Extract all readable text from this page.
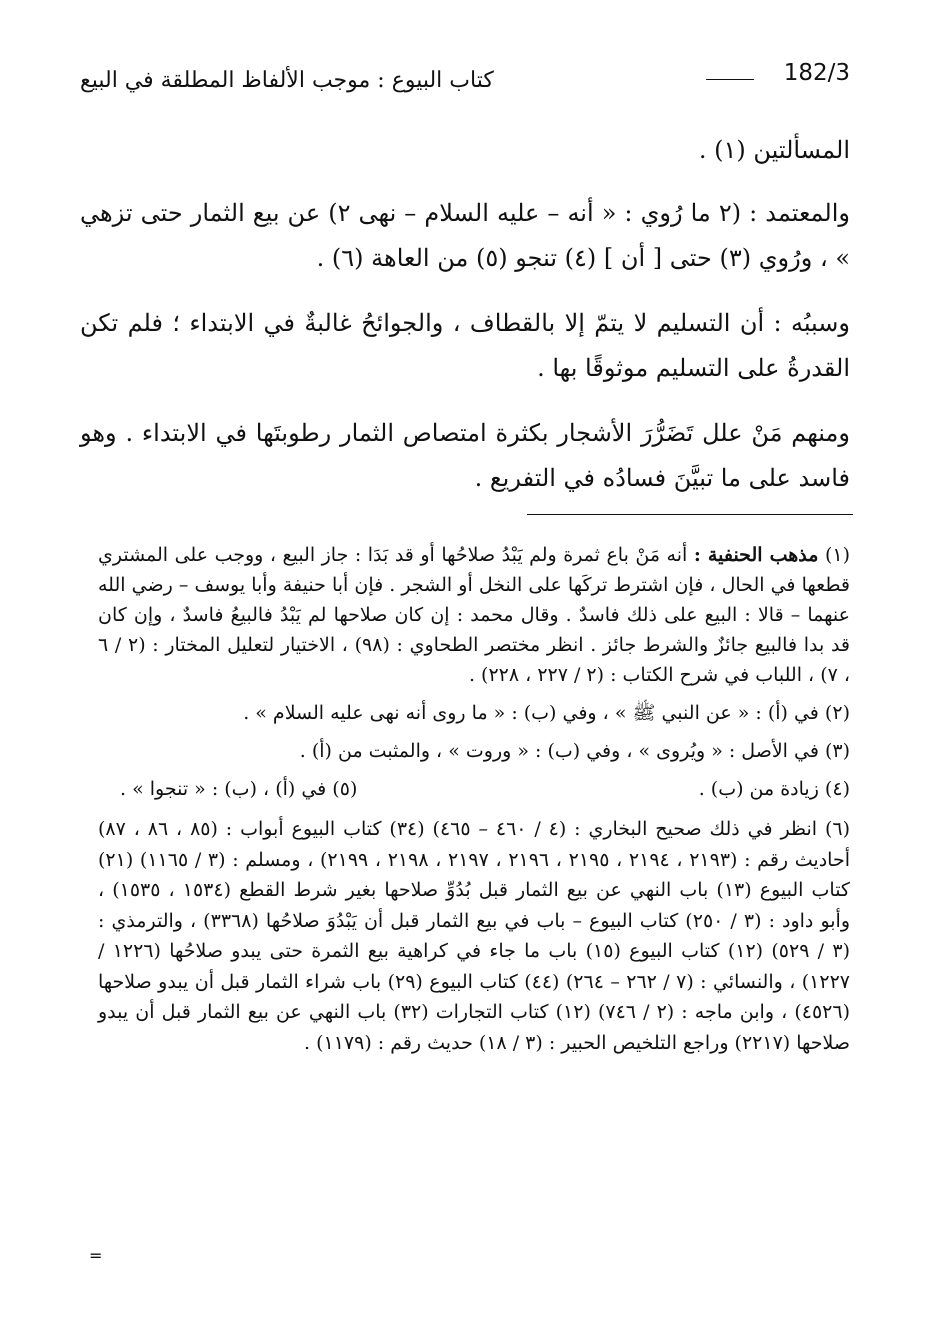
182/3
كتاب البيوع : موجب الألفاظ المطلقة في البيع

المسألتين (١) .

والمعتمد : (٢ ما رُوي : « أنه – عليه السلام – نهى ٢) عن بيع الثمار حتى تزهي » ، ورُوي (٣) حتى [ أن ] (٤) تنجو (٥) من العاهة (٦) .

وسببُه : أن التسليم لا يتمّ إلا بالقطاف ، والجوائحُ غالبةٌ في الابتداء ؛ فلم تكن القدرةُ على التسليم موثوقًا بها .

ومنهم مَنْ علل تَضَرُّرَ الأشجار بكثرة امتصاص الثمار رطوبتَها في الابتداء . وهو فاسد على ما تبيَّنَ فسادُه في التفريع .

(١) مذهب الحنفية : أنه مَنْ باع ثمرة ولم يَبْدُ صلاحُها أو قد بَدَا : جاز البيع ، ووجب على المشتري قطعها في الحال ، فإن اشترط تركَها على النخل أو الشجر . فإن أبا حنيفة وأبا يوسف – رضي الله عنهما – قالا : البيع على ذلك فاسدٌ . وقال محمد : إن كان صلاحها لم يَبْدُ فالبيعُ فاسدٌ ، وإن كان قد بدا فالبيع جائزٌ والشرط جائز . انظر مختصر الطحاوي : (٩٨) ، الاختيار لتعليل المختار : (٢ / ٦ ، ٧) ، اللباب في شرح الكتاب : (٢ / ٢٢٧ ، ٢٢٨) .

(٢) في (أ) : « عن النبي ﷺ » ، وفي (ب) : « ما روى أنه نهى عليه السلام » .

(٣) في الأصل : « ويُروى » ، وفي (ب) : « وروت » ، والمثبت من (أ) .

(٤) زيادة من (ب) .
(٥) في (أ) ، (ب) : « تنجوا » .

(٦) انظر في ذلك صحيح البخاري : (٤ / ٤٦٠ – ٤٦٥) (٣٤) كتاب البيوع أبواب : (٨٥ ، ٨٦ ، ٨٧) أحاديث رقم : (٢١٩٣ ، ٢١٩٤ ، ٢١٩٥ ، ٢١٩٦ ، ٢١٩٧ ، ٢١٩٨ ، ٢١٩٩) ، ومسلم : (٣ / ١١٦٥) (٢١) كتاب البيوع (١٣) باب النهي عن بيع الثمار قبل بُدُوِّ صلاحها بغير شرط القطع (١٥٣٤ ، ١٥٣٥) ، وأبو داود : (٣ / ٢٥٠) كتاب البيوع – باب في بيع الثمار قبل أن يَبْدُوَ صلاحُها (٣٣٦٨) ، والترمذي : (٣ / ٥٢٩) (١٢) كتاب البيوع (١٥) باب ما جاء في كراهية بيع الثمرة حتى يبدو صلاحُها (١٢٢٦ / ١٢٢٧) ، والنسائي : (٧ / ٢٦٢ – ٢٦٤) (٤٤) كتاب البيوع (٢٩) باب شراء الثمار قبل أن يبدو صلاحها (٤٥٢٦) ، وابن ماجه : (٢ / ٧٤٦) (١٢) كتاب التجارات (٣٢) باب النهي عن بيع الثمار قبل أن يبدو صلاحها (٢٢١٧) وراجع التلخيص الحبير : (٣ / ١٨) حديث رقم : (١١٧٩) .

=
